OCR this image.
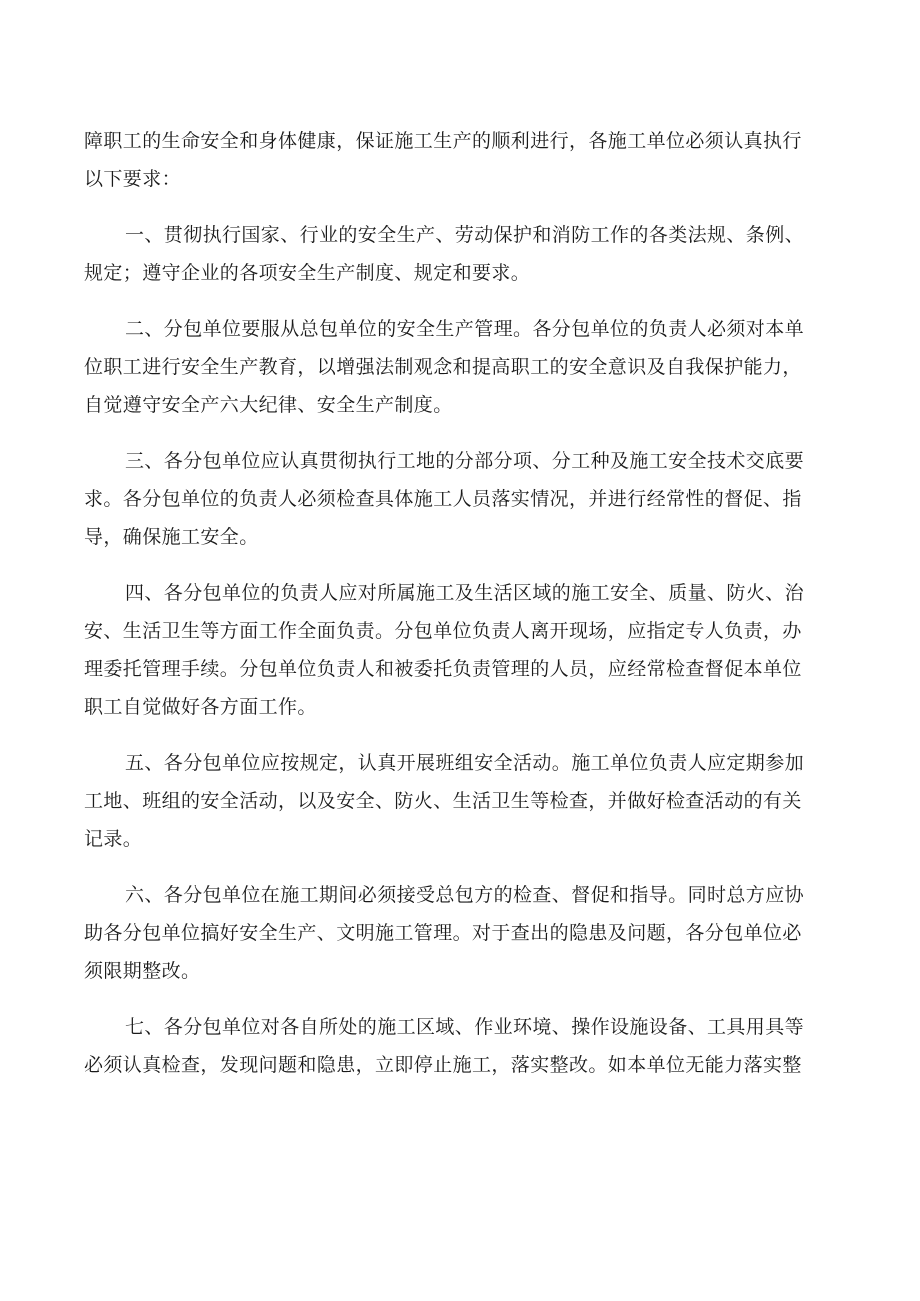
障职工的生命安全和身体健康，保证施工生产的顺利进行，各施工单位必须认真执行
以下要求：

一、贯彻执行国家、行业的安全生产、劳动保护和消防工作的各类法规、条例、
规定；遵守企业的各项安全生产制度、规定和要求。

二、分包单位要服从总包单位的安全生产管理。各分包单位的负责人必须对本单
位职工进行安全生产教育，以增强法制观念和提高职工的安全意识及自我保护能力，
自觉遵守安全产六大纪律、安全生产制度。

三、各分包单位应认真贯彻执行工地的分部分项、分工种及施工安全技术交底要
求。各分包单位的负责人必须检查具体施工人员落实情况，并进行经常性的督促、指
导，确保施工安全。

四、各分包单位的负责人应对所属施工及生活区域的施工安全、质量、防火、治
安、生活卫生等方面工作全面负责。分包单位负责人离开现场，应指定专人负责，办
理委托管理手续。分包单位负责人和被委托负责管理的人员，应经常检查督促本单位
职工自觉做好各方面工作。

五、各分包单位应按规定，认真开展班组安全活动。施工单位负责人应定期参加
工地、班组的安全活动，以及安全、防火、生活卫生等检查，并做好检查活动的有关
记录。

六、各分包单位在施工期间必须接受总包方的检查、督促和指导。同时总方应协
助各分包单位搞好安全生产、文明施工管理。对于查出的隐患及问题，各分包单位必
须限期整改。

七、各分包单位对各自所处的施工区域、作业环境、操作设施设备、工具用具等
必须认真检查，发现问题和隐患，立即停止施工，落实整改。如本单位无能力落实整
